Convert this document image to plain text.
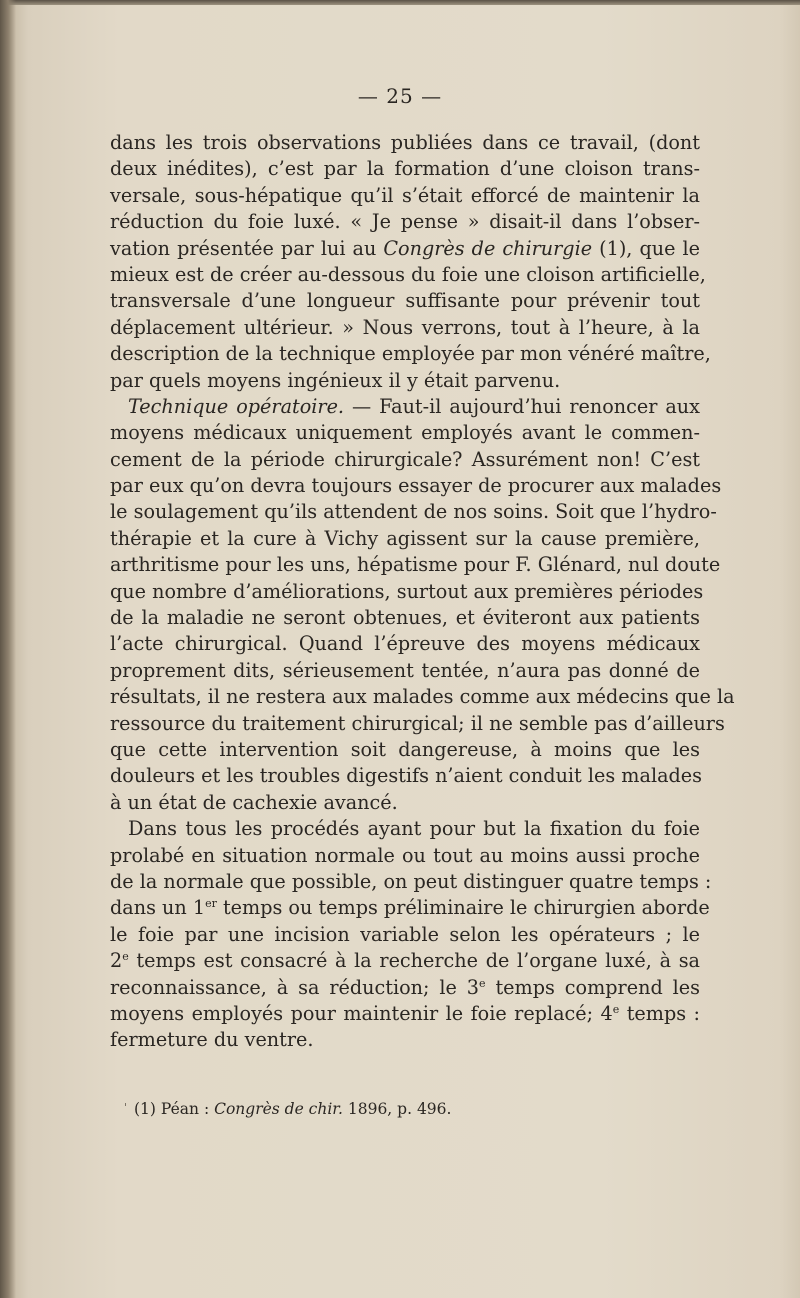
— 25 —
dans les trois observations publiées dans ce travail, (dont
deux inédites), c’est par la formation d’une cloison trans-
versale, sous-hépatique qu’il s’était efforcé de maintenir la
réduction du foie luxé. « Je pense » disait-il dans l’obser-
vation présentée par lui au Congrès de chirurgie (1), que le
mieux est de créer au-dessous du foie une cloison artificielle,
transversale d’une longueur suffisante pour prévenir tout
déplacement ultérieur. » Nous verrons, tout à l’heure, à la
description de la technique employée par mon vénéré maître,
par quels moyens ingénieux il y était parvenu.
Technique opératoire. — Faut-il aujourd’hui renoncer aux
moyens médicaux uniquement employés avant le commen-
cement de la période chirurgicale? Assurément non! C’est
par eux qu’on devra toujours essayer de procurer aux malades
le soulagement qu’ils attendent de nos soins. Soit que l’hydro-
thérapie et la cure à Vichy agissent sur la cause première,
arthritisme pour les uns, hépatisme pour F. Glénard, nul doute
que nombre d’améliorations, surtout aux premières périodes
de la maladie ne seront obtenues, et éviteront aux patients
l’acte chirurgical. Quand l’épreuve des moyens médicaux
proprement dits, sérieusement tentée, n’aura pas donné de
résultats, il ne restera aux malades comme aux médecins que la
ressource du traitement chirurgical; il ne semble pas d’ailleurs
que cette intervention soit dangereuse, à moins que les
douleurs et les troubles digestifs n’aient conduit les malades
à un état de cachexie avancé.
Dans tous les procédés ayant pour but la fixation du foie
prolabé en situation normale ou tout au moins aussi proche
de la normale que possible, on peut distinguer quatre temps :
dans un 1er temps ou temps préliminaire le chirurgien aborde
le foie par une incision variable selon les opérateurs ; le
2e temps est consacré à la recherche de l’organe luxé, à sa
reconnaissance, à sa réduction; le 3e temps comprend les
moyens employés pour maintenir le foie replacé; 4e temps :
fermeture du ventre.
' (1) Péan : Congrès de chir. 1896, p. 496.
